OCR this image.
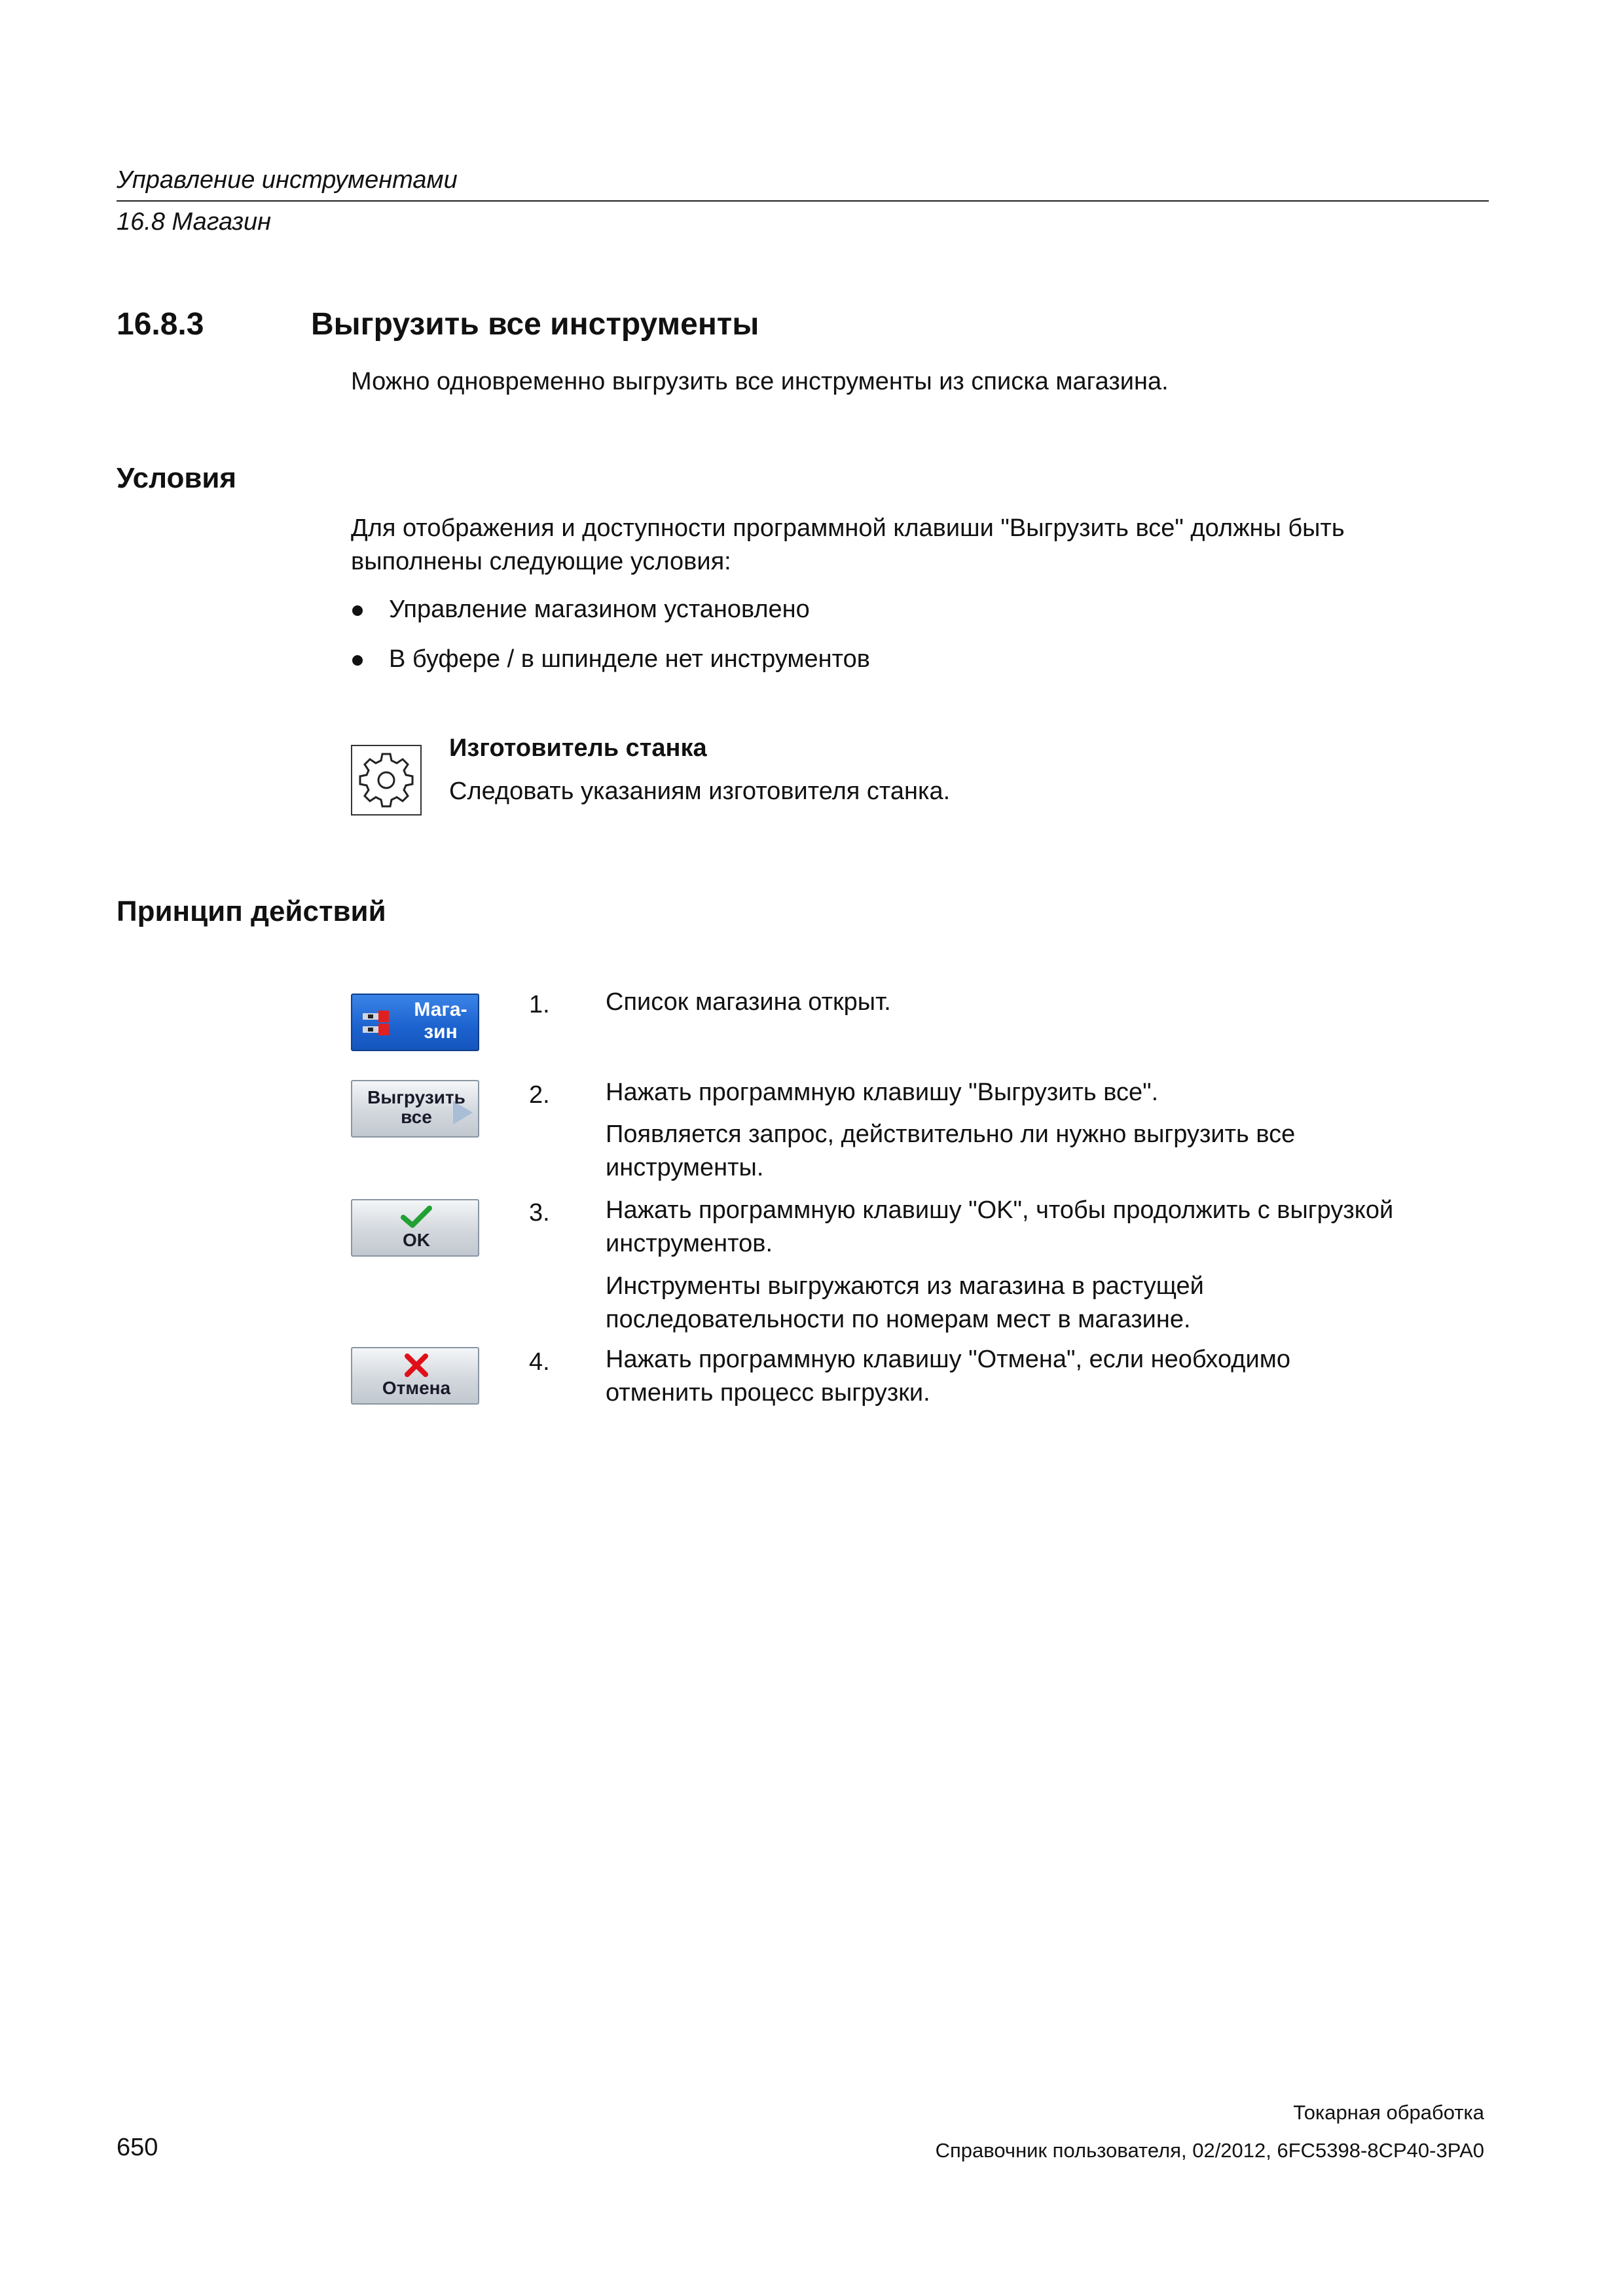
Управление инструментами
16.8 Магазин
16.8.3	Выгрузить все инструменты
Можно одновременно выгрузить все инструменты из списка магазина.
Условия
Для отображения и доступности программной клавиши "Выгрузить все" должны быть
выполнены следующие условия:
Управление магазином установлено
В буфере / в шпинделе нет инструментов
Изготовитель станка
Следовать указаниям изготовителя станка.
Принцип действий
Мага-
зин
Выгрузить
все
OK
Отмена
1. Список магазина открыт.
2. Нажать программную клавишу "Выгрузить все".
Появляется запрос, действительно ли нужно выгрузить все
инструменты.
3. Нажать программную клавишу "OK", чтобы продолжить с выгрузкой
инструментов.
Инструменты выгружаются из магазина в растущей
последовательности по номерам мест в магазине.
4. Нажать программную клавишу "Отмена", если необходимо
отменить процесс выгрузки.
650
Токарная обработка
Справочник пользователя, 02/2012, 6FC5398-8CP40-3PA0
